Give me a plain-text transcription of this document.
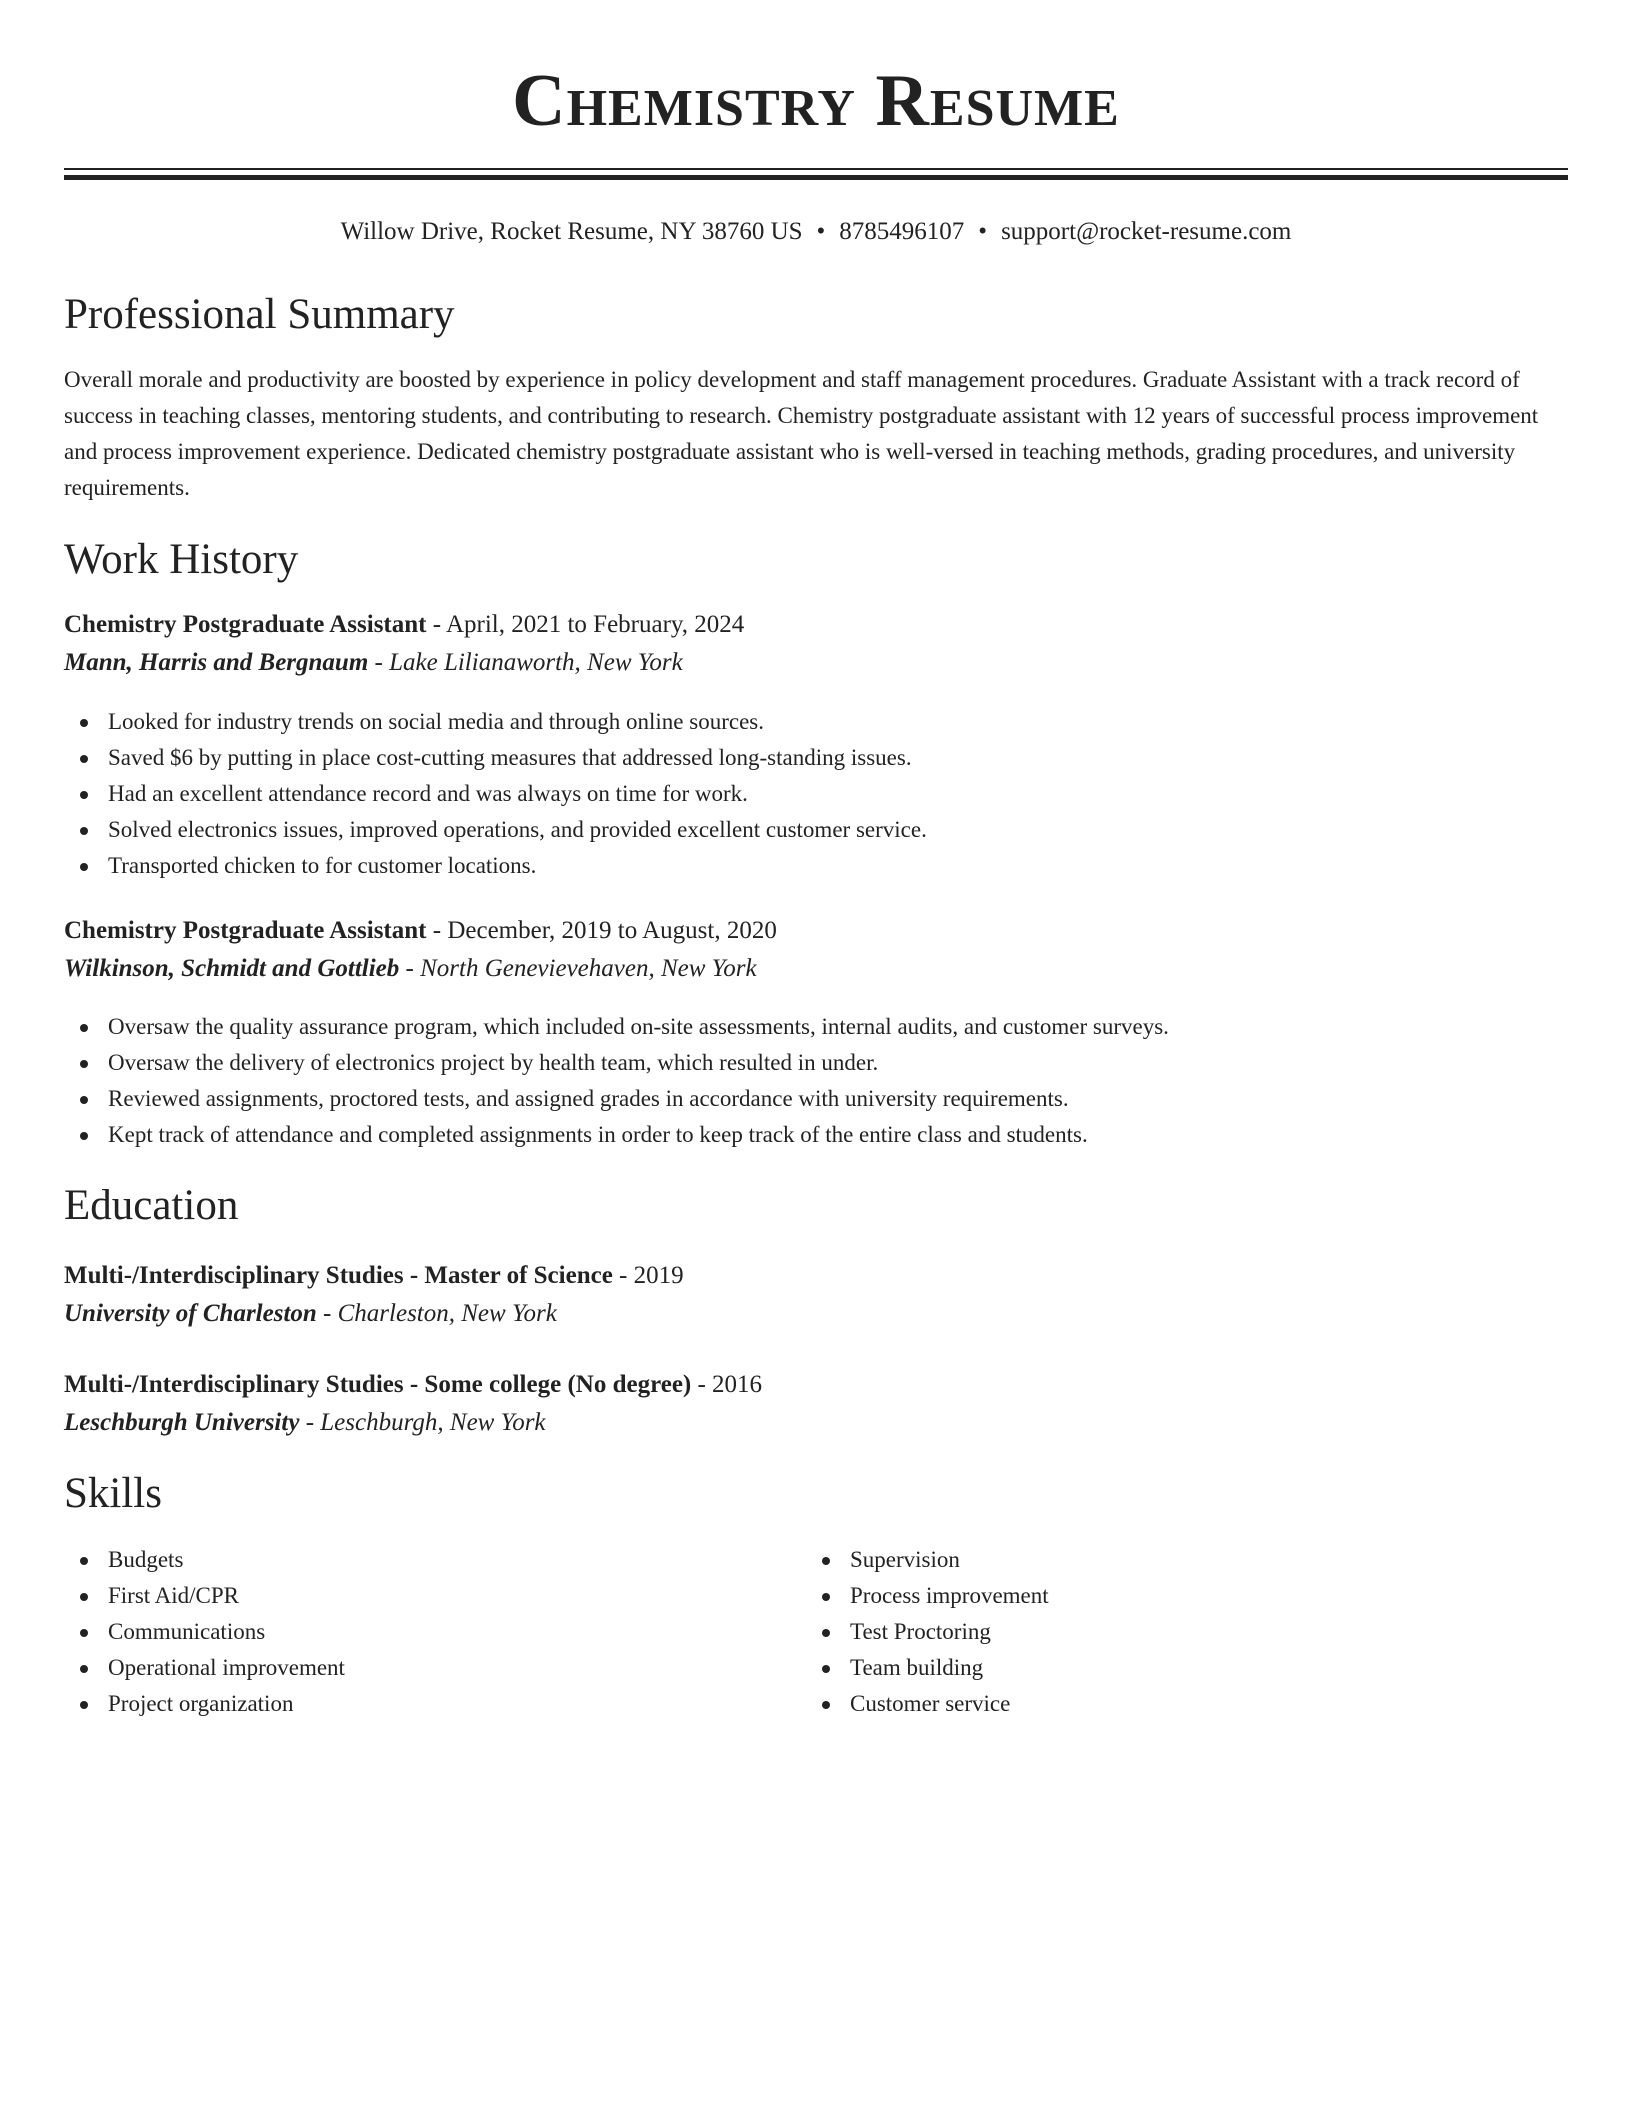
Chemistry Resume
Willow Drive, Rocket Resume, NY 38760 US • 8785496107 • support@rocket-resume.com
Professional Summary
Overall morale and productivity are boosted by experience in policy development and staff management procedures. Graduate Assistant with a track record of success in teaching classes, mentoring students, and contributing to research. Chemistry postgraduate assistant with 12 years of successful process improvement and process improvement experience. Dedicated chemistry postgraduate assistant who is well-versed in teaching methods, grading procedures, and university requirements.
Work History
Chemistry Postgraduate Assistant - April, 2021 to February, 2024
Mann, Harris and Bergnaum - Lake Lilianaworth, New York
Looked for industry trends on social media and through online sources.
Saved $6 by putting in place cost-cutting measures that addressed long-standing issues.
Had an excellent attendance record and was always on time for work.
Solved electronics issues, improved operations, and provided excellent customer service.
Transported chicken to for customer locations.
Chemistry Postgraduate Assistant - December, 2019 to August, 2020
Wilkinson, Schmidt and Gottlieb - North Genevievehaven, New York
Oversaw the quality assurance program, which included on-site assessments, internal audits, and customer surveys.
Oversaw the delivery of electronics project by health team, which resulted in under.
Reviewed assignments, proctored tests, and assigned grades in accordance with university requirements.
Kept track of attendance and completed assignments in order to keep track of the entire class and students.
Education
Multi-/Interdisciplinary Studies - Master of Science - 2019
University of Charleston - Charleston, New York
Multi-/Interdisciplinary Studies - Some college (No degree) - 2016
Leschburgh University - Leschburgh, New York
Skills
Budgets
First Aid/CPR
Communications
Operational improvement
Project organization
Supervision
Process improvement
Test Proctoring
Team building
Customer service
